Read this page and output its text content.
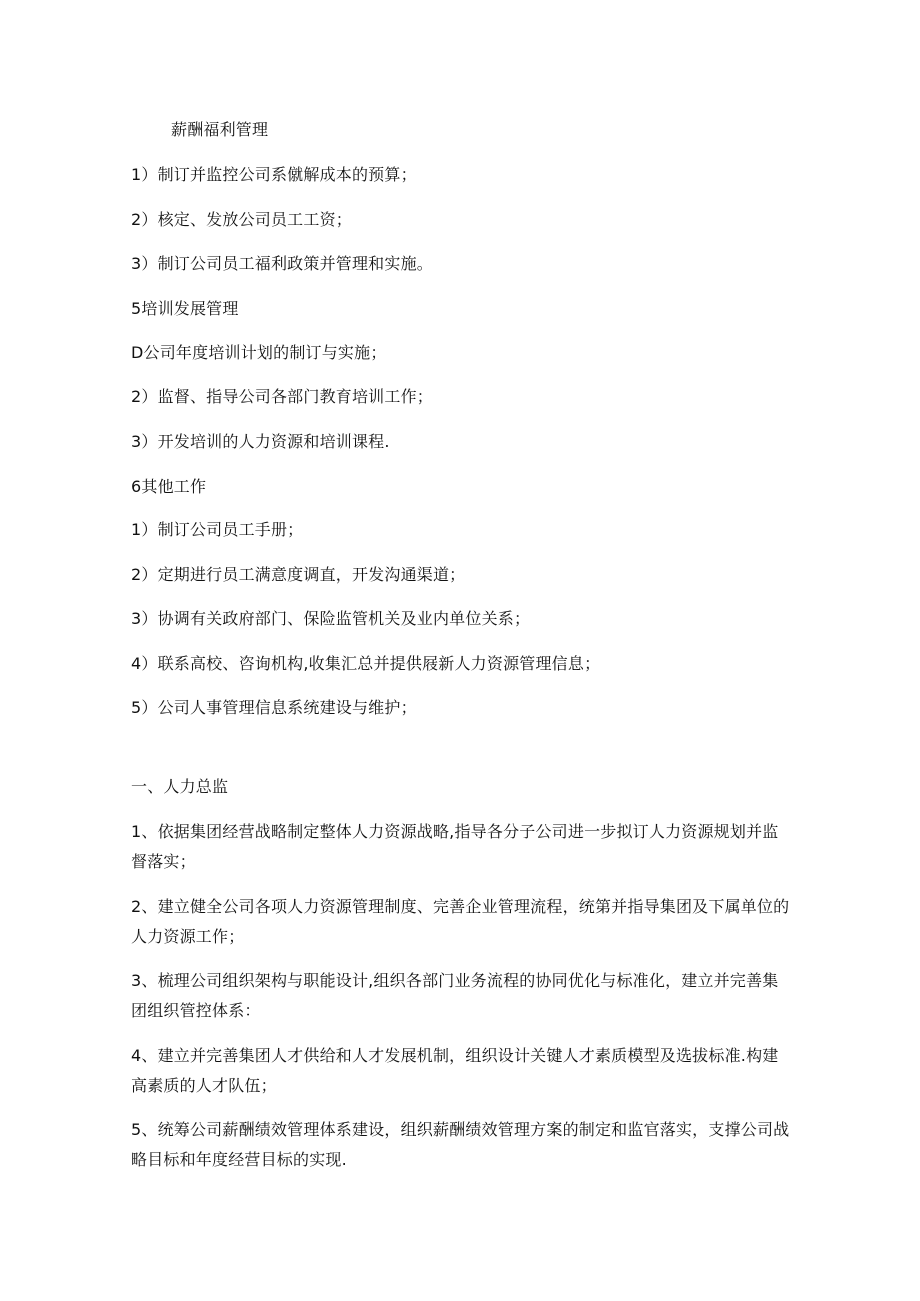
薪酬福利管理
1）制订并监控公司系僦解成本的预算；
2）核定、发放公司员工工资；
3）制订公司员工福利政策并管理和实施。
5培训发展管理
D公司年度培训计划的制订与实施；
2）监督、指导公司各部门教育培训工作；
3）开发培训的人力资源和培训课程.
6其他工作
1）制订公司员工手册；
2）定期进行员工满意度调直，开发沟通渠道；
3）协调有关政府部门、保险监管机关及业内单位关系；
4）联系高校、咨询机构,收集汇总并提供屐新人力资源管理信息；
5）公司人事管理信息系统建设与维护；
一、人力总监
1、依据集团经营战略制定整体人力资源战略,指导各分子公司进一步拟订人力资源规划并监督落实；
2、建立健全公司各项人力资源管理制度、完善企业管理流程，统第并指导集团及下属单位的人力资源工作；
3、梳理公司组织架构与职能设计,组织各部门业务流程的协同优化与标准化，建立并完善集团组织管控体系：
4、建立并完善集团人才供给和人才发展机制，组织设计关键人才素质模型及选拔标准.构建高素质的人才队伍；
5、统筹公司薪酬绩效管理体系建设，组织薪酬绩效管理方案的制定和监官落实，支撑公司战略目标和年度经营目标的实现.
